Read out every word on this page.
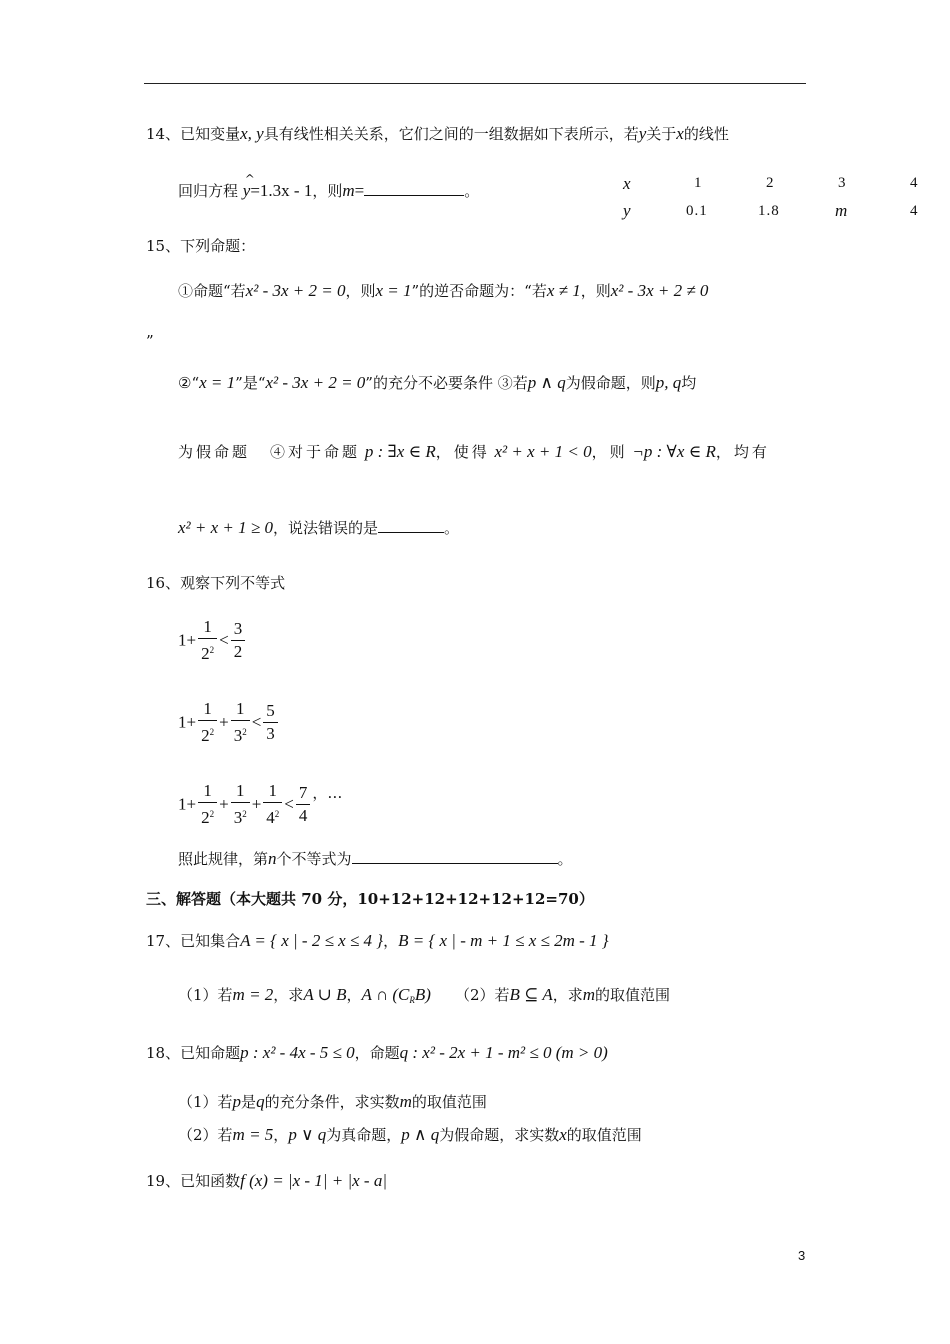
14、已知变量x, y具有线性相关关系，它们之间的一组数据如下表所示，若y关于x的线性
回归方程
^
y=1.3x - 1，则m=	。	x	1	2	3	4
y	0.1	1.8	m	4
15、下列命题：
①命题“若x² - 3x + 2 = 0，则x = 1”的逆否命题为：“若x ≠ 1，则x² - 3x + 2 ≠ 0
”
②“x = 1”是“x² - 3x + 2 = 0”的充分不必要条件 ③若p ∧ q为假命题，则p, q均
为假命题 ④对于命题 p : ∃x ∈ R，使得 x² + x + 1 < 0，则 ¬p : ∀x ∈ R，均有
x² + x + 1 ≥ 0，说法错误的是	。
16、观察下列不等式
$1+ \frac{1}{2^2} < \frac{3}{2}$
$1+ \frac{1}{2^2} + \frac{1}{3^2} < \frac{5}{3}$
$1+ \frac{1}{2^2} + \frac{1}{3^2} + \frac{1}{4^2} < \frac{7}{4}$ ，…
照此规律，第n个不等式为	。
三、解答题（本大题共 70 分，10+12+12+12+12+12=70）
17、已知集合A = { x | - 2 ≤ x ≤ 4 }，B = { x | - m + 1 ≤ x ≤ 2m - 1 }
（1）若m = 2，求A ∪ B，A ∩ $(C_RB)$ （2）若B ⊆ A，求m的取值范围
18、已知命题p : x² - 4x - 5 ≤ 0，命题q : x² - 2x + 1 - m² ≤ 0 (m > 0)
（1）若p是q的充分条件，求实数m的取值范围
（2）若m = 5，p ∨ q为真命题，p ∧ q为假命题，求实数x的取值范围
19、已知函数f (x) = |x - 1| + |x - a|
3
